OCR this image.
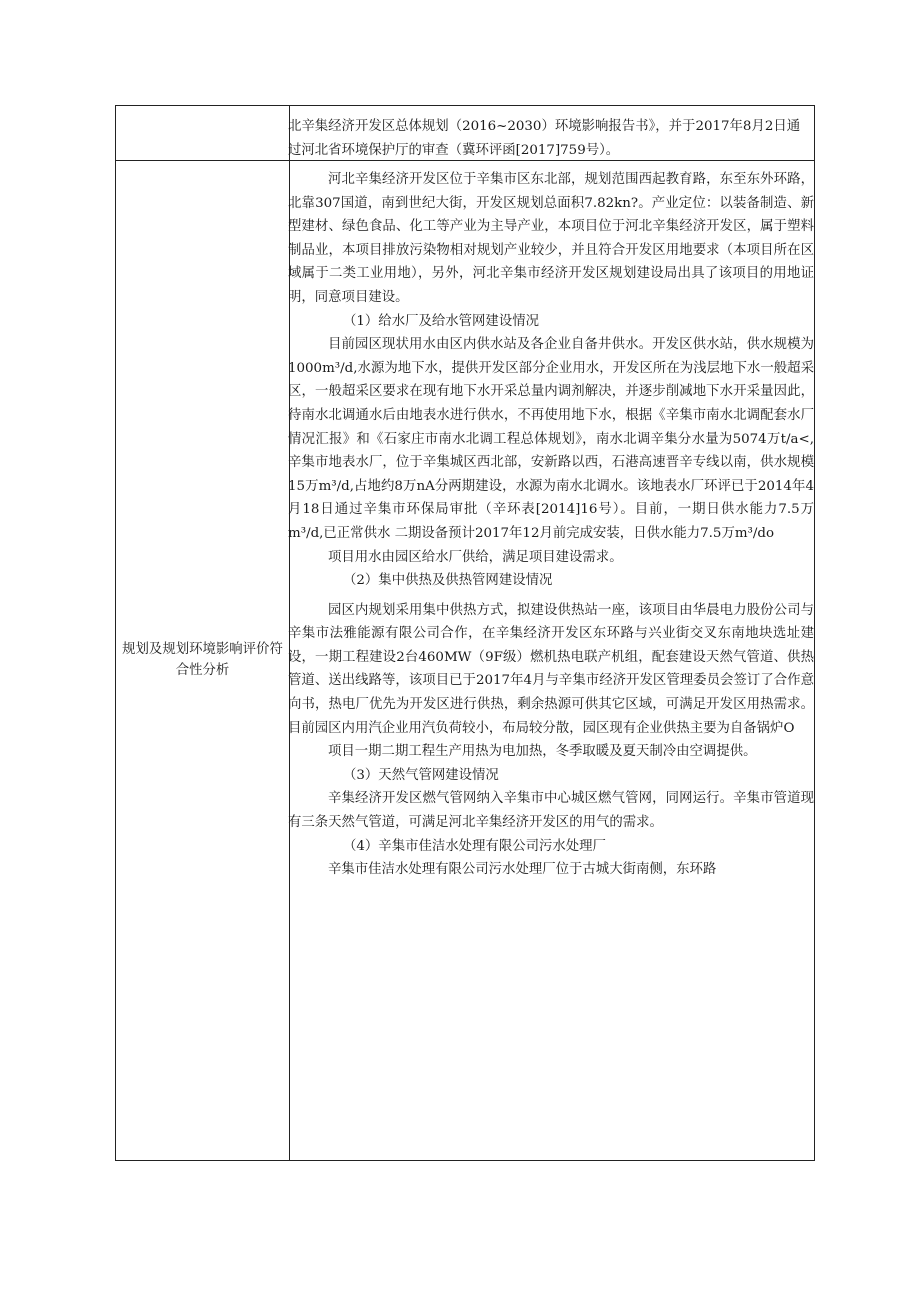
北辛集经济开发区总体规划（2016~2030）环境影响报告书》，并于2017年8月2日通过河北省环境保护厅的审查（冀环评函[2017]759号）。
规划及规划环境影响评价符合性分析

河北辛集经济开发区位于辛集市区东北部，规划范围西起教育路，东至东外环路，北靠307国道，南到世纪大街，开发区规划总面积7.82kn?。产业定位：以装备制造、新型建材、绿色食品、化工等产业为主导产业，本项目位于河北辛集经济开发区，属于塑料制品业，本项目排放污染物相对规划产业较少，并且符合开发区用地要求（本项目所在区域属于二类工业用地），另外，河北辛集市经济开发区规划建设局出具了该项目的用地证明，同意项目建设。

（1）给水厂及给水管网建设情况

目前园区现状用水由区内供水站及各企业自备井供水。开发区供水站，供水规模为1000m³/d,水源为地下水，提供开发区部分企业用水，开发区所在为浅层地下水一般超采区，一般超采区要求在现有地下水开采总量内调剂解决，并逐步削减地下水开采量因此，待南水北调通水后由地表水进行供水，不再使用地下水，根据《辛集市南水北调配套水厂情况汇报》和《石家庄市南水北调工程总体规划》，南水北调辛集分水量为5074万t/a<,辛集市地表水厂，位于辛集城区西北部，安新路以西，石港高速晋辛专线以南，供水规模15万m³/d,占地约8万nA分两期建设，水源为南水北调水。该地表水厂环评已于2014年4月18日通过辛集市环保局审批（辛环表[2014]16号）。目前，一期日供水能力7.5万m³/d,已正常供水 二期设备预计2017年12月前完成安装，日供水能力7.5万m³/do

项目用水由园区给水厂供给，满足项目建设需求。

（2）集中供热及供热管网建设情况

园区内规划采用集中供热方式，拟建设供热站一座，该项目由华晨电力股份公司与辛集市法雅能源有限公司合作，在辛集经济开发区东环路与兴业街交叉东南地块选址建设，一期工程建设2台460MW（9F级）燃机热电联产机组，配套建设天然气管道、供热管道、送出线路等，该项目已于2017年4月与辛集市经济开发区管理委员会签订了合作意向书，热电厂优先为开发区进行供热，剩余热源可供其它区域，可满足开发区用热需求。目前园区内用汽企业用汽负荷较小，布局较分散，园区现有企业供热主要为自备锅炉O

项目一期二期工程生产用热为电加热，冬季取暖及夏天制冷由空调提供。

（3）天然气管网建设情况

辛集经济开发区燃气管网纳入辛集市中心城区燃气管网，同网运行。辛集市管道现有三条天然气管道，可满足河北辛集经济开发区的用气的需求。

（4）辛集市佳洁水处理有限公司污水处理厂

辛集市佳洁水处理有限公司污水处理厂位于古城大街南侧，东环路
